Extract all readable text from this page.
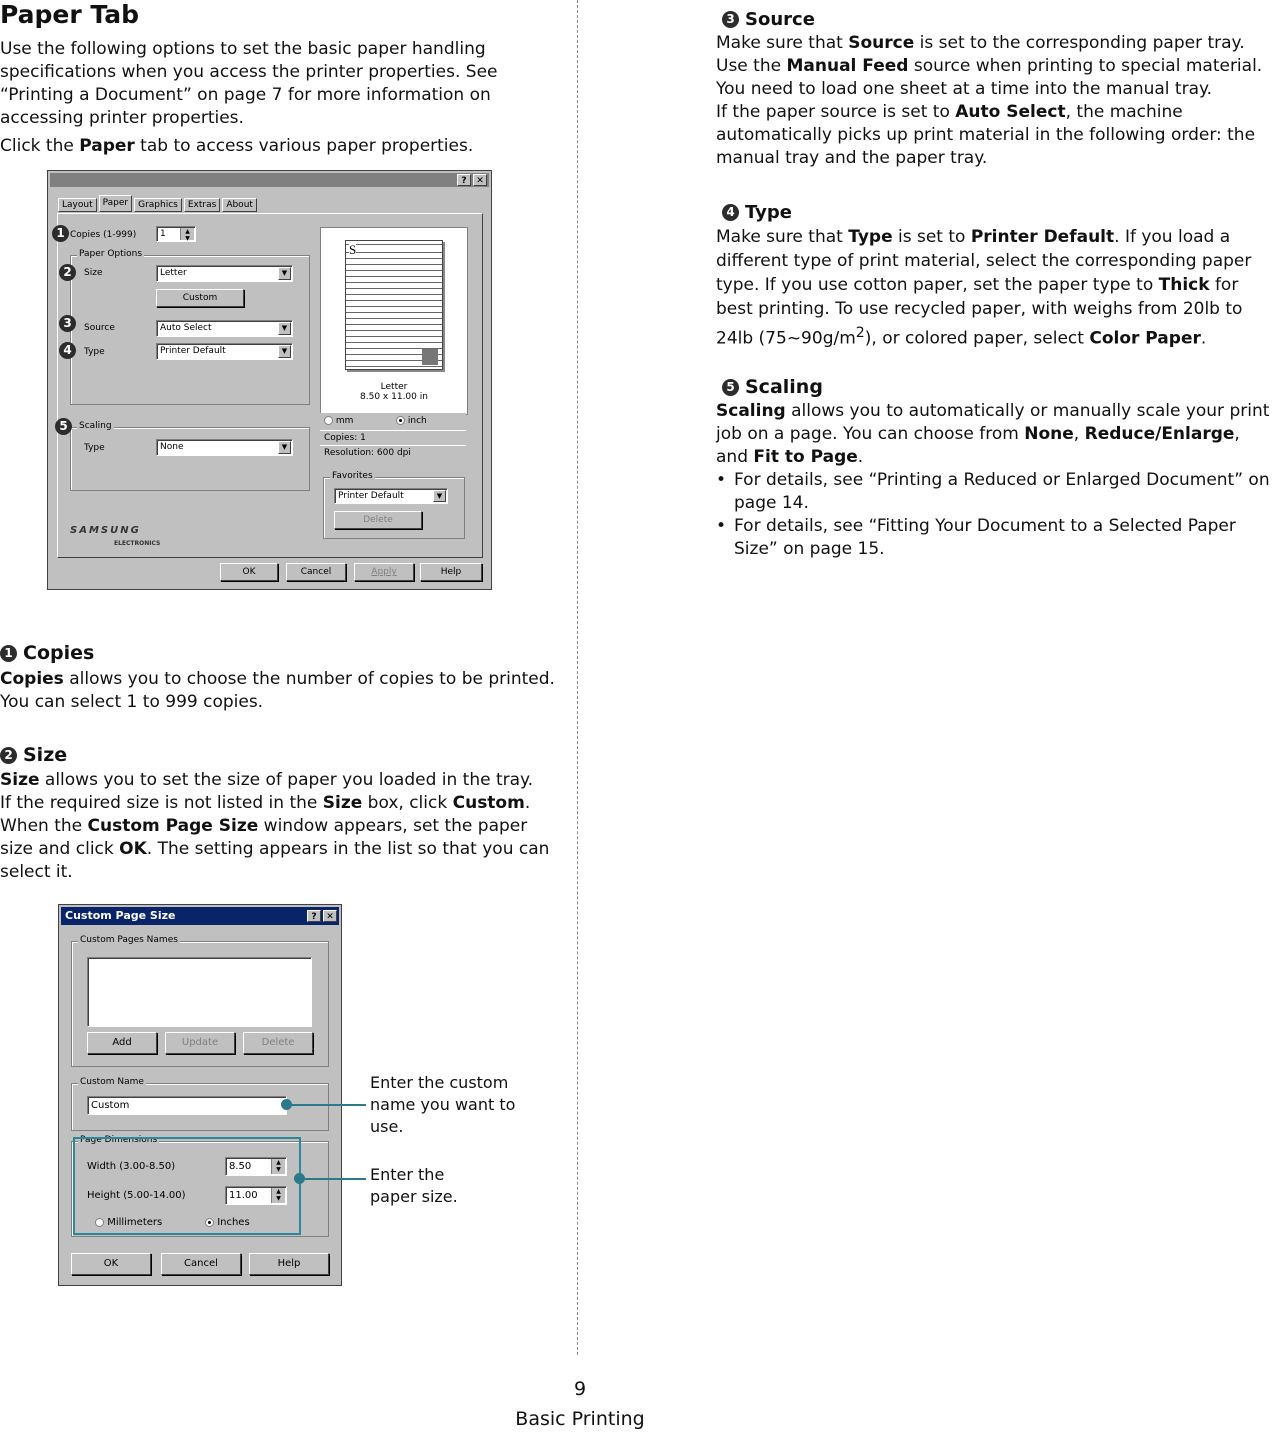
Paper Tab

Use the following options to set the basic paper handling specifications when you access the printer properties. See “Printing a Document” on page 7 for more information on accessing printer properties.

Click the Paper tab to access various paper properties.

?	✕
Layout	Paper	Graphics	Extras	About
Copies (1-999)	1	▲
▼
Paper Options
Size	Letter	▼
Custom
Source	Auto Select	▼
Type	Printer Default	▼
Scaling
Type	None	▼
S
Letter
8.50 x 11.00 in
mm	inch
Copies: 1
Resolution: 600 dpi
Favorites
Printer Default	▼
Delete
SAMSUNG
ELECTRONICS
OK	Cancel	Apply	Help
1
2
3
4
5
1 Copies

Copies allows you to choose the number of copies to be printed. You can select 1 to 999 copies.

2 Size

Size allows you to set the size of paper you loaded in the tray.

If the required size is not listed in the Size box, click Custom.

When the Custom Page Size window appears, set the paper size and click OK. The setting appears in the list so that you can select it.

Custom Page Size	?	✕
Custom Pages Names
Add	Update	Delete
Custom Name
Custom
Page Dimensions
Width (3.00-8.50)	8.50	▲
▼
Height (5.00-14.00)	11.00	▲
▼
Millimeters	Inches
OK	Cancel	Help
Enter the custom name you want to use.
Enter the paper size.
3 Source

Make sure that Source is set to the corresponding paper tray.

Use the Manual Feed source when printing to special material. You need to load one sheet at a time into the manual tray.

If the paper source is set to Auto Select, the machine automatically picks up print material in the following order: the manual tray and the paper tray.

4 Type

Make sure that Type is set to Printer Default. If you load a different type of print material, select the corresponding paper type. If you use cotton paper, set the paper type to Thick for best printing. To use recycled paper, with weighs from 20lb to 24lb $(75\sim 90g/m^2)$, or colored paper, select Color Paper.

5 Scaling

Scaling allows you to automatically or manually scale your print job on a page. You can choose from None, Reduce/Enlarge, and Fit to Page.

• For details, see “Printing a Reduced or Enlarged Document” on page 14.
• For details, see “Fitting Your Document to a Selected Paper Size” on page 15.
9
Basic Printing
